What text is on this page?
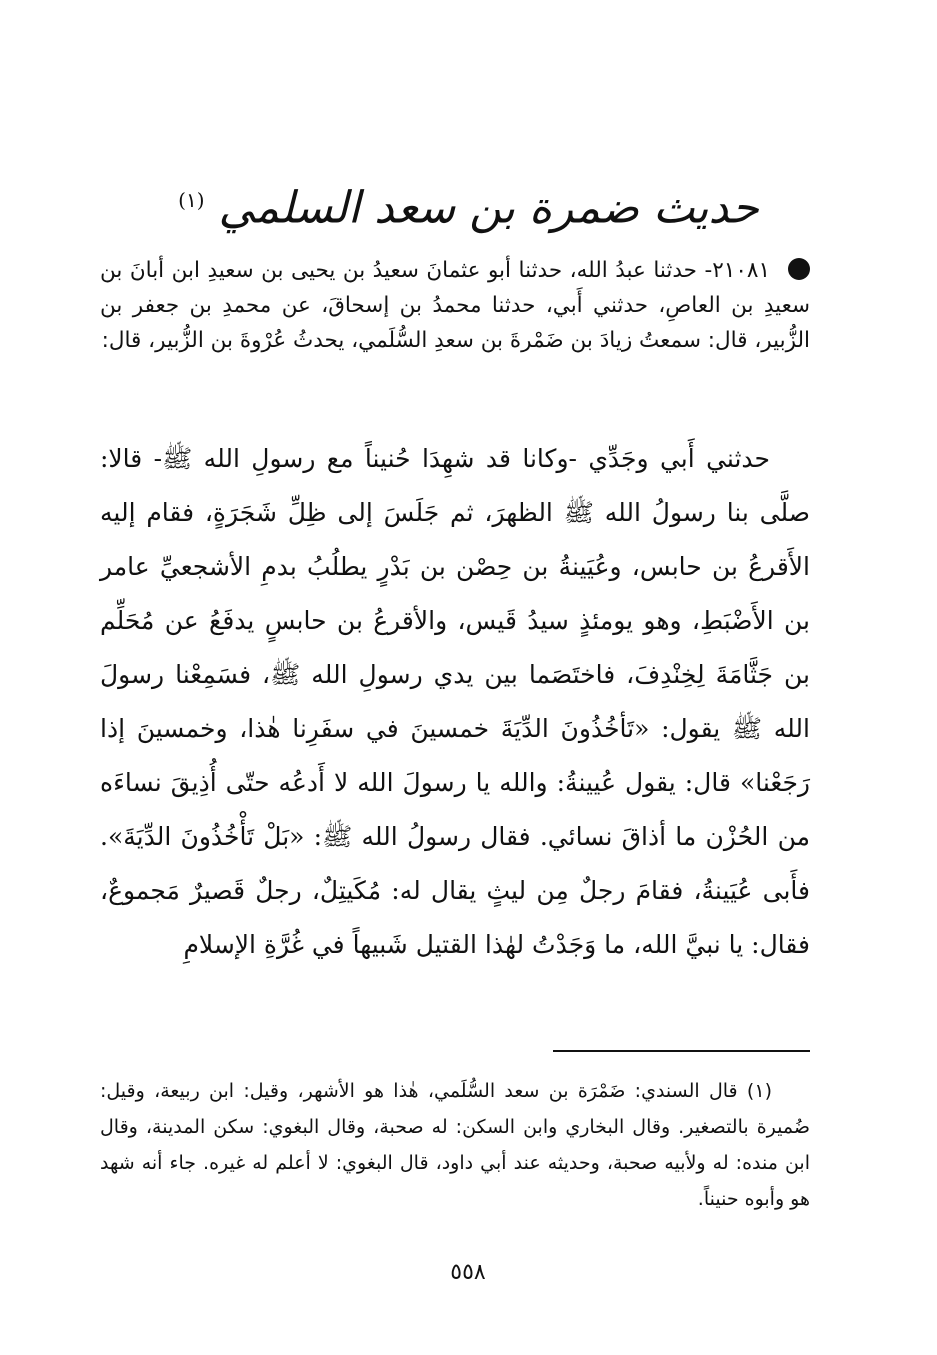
حديث ضمرة بن سعد السلمي $^{(١)}$
٢١٠٨١- حدثنا عبدُ الله، حدثنا أبو عثمانَ سعيدُ بن يحيى بن سعيدِ ابن أبانَ بن سعيدِ بن العاصِ، حدثني أَبي، حدثنا محمدُ بن إسحاقَ، عن محمدِ بن جعفر بن الزُّبير، قال: سمعتُ زيادَ بن ضَمْرةَ بن سعدِ السُّلَمي، يحدثُ عُرْوةَ بن الزُّبير، قال:
حدثني أَبي وجَدِّي -وكانا قد شهِدَا حُنيناً مع رسولِ الله ﷺ- قالا: صلَّى بنا رسولُ الله ﷺ الظهرَ، ثم جَلَسَ إلى ظِلِّ شَجَرَةٍ، فقام إليه الأَقرعُ بن حابس، وعُيَينةُ بن حِصْن بن بَدْرٍ يطلُبُ بدمِ الأشجعيِّ عامر بن الأَضْبَطِ، وهو يومئذٍ سيدُ قَيس، والأقرعُ بن حابسٍ يدفَعُ عن مُحَلِّم بن جَثَّامَةَ لِخِنْدِفَ، فاختَصَما بين يدي رسولِ الله ﷺ، فسَمِعْنا رسولَ الله ﷺ يقول: «تَأخُذُونَ الدِّيَةَ خمسينَ في سفَرِنا هٰذا، وخمسينَ إذا رَجَعْنا» قال: يقول عُيينةُ: والله يا رسولَ الله لا أَدعُه حتّى أُذِيقَ نساءَه من الحُزْن ما أذاقَ نسائي. فقال رسولُ الله ﷺ: «بَلْ تَأْخُذُونَ الدِّيَةَ». فأَبى عُيَينةُ، فقامَ رجلٌ مِن ليثٍ يقال له: مُكَيتِلٌ، رجلٌ قَصيرٌ مَجموعٌ، فقال: يا نبيَّ الله، ما وَجَدْتُ لهٰذا القتيل شَبيهاً في غُرَّةِ الإسلامِ
(١) قال السندي: ضَمْرَة بن سعد السُّلَمي، هٰذا هو الأشهر، وقيل: ابن ربيعة، وقيل: ضُميرة بالتصغير. وقال البخاري وابن السكن: له صحبة، وقال البغوي: سكن المدينة، وقال ابن منده: له ولأبيه صحبة، وحديثه عند أبي داود، قال البغوي: لا أعلم له غيره. جاء أنه شهد هو وأبوه حنيناً.
٥٥٨
